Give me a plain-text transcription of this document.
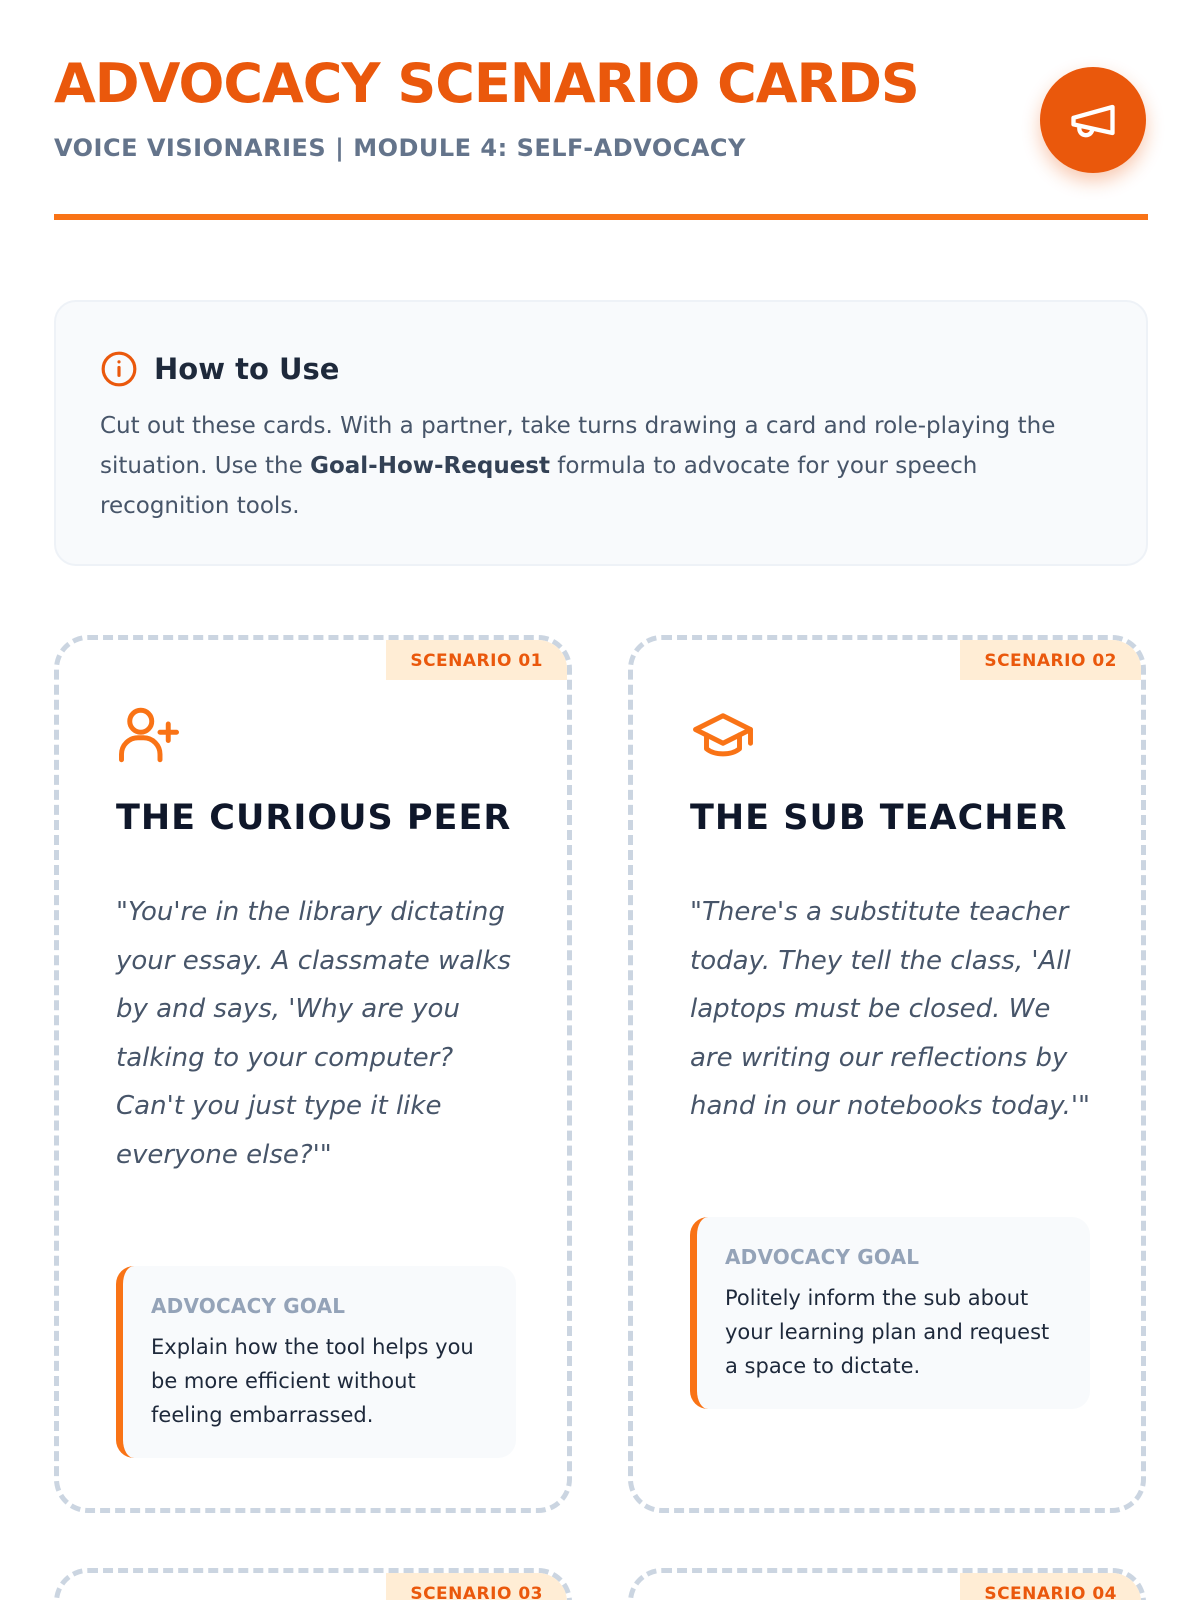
ADVOCACY SCENARIO CARDS
VOICE VISIONARIES | MODULE 4: SELF-ADVOCACY
How to Use

Cut out these cards. With a partner, take turns drawing a card and role-playing the situation. Use the Goal-How-Request formula to advocate for your speech recognition tools.

SCENARIO 01
THE CURIOUS PEER

"You're in the library dictating your essay. A classmate walks by and says, 'Why are you talking to your computer? Can't you just type it like everyone else?'"

ADVOCACY GOAL
Explain how the tool helps you be more efficient without feeling embarrassed.
SCENARIO 02
THE SUB TEACHER

"There's a substitute teacher today. They tell the class, 'All laptops must be closed. We are writing our reflections by hand in our notebooks today.'"

ADVOCACY GOAL
Politely inform the sub about your learning plan and request a space to dictate.
SCENARIO 03	SCENARIO 04
